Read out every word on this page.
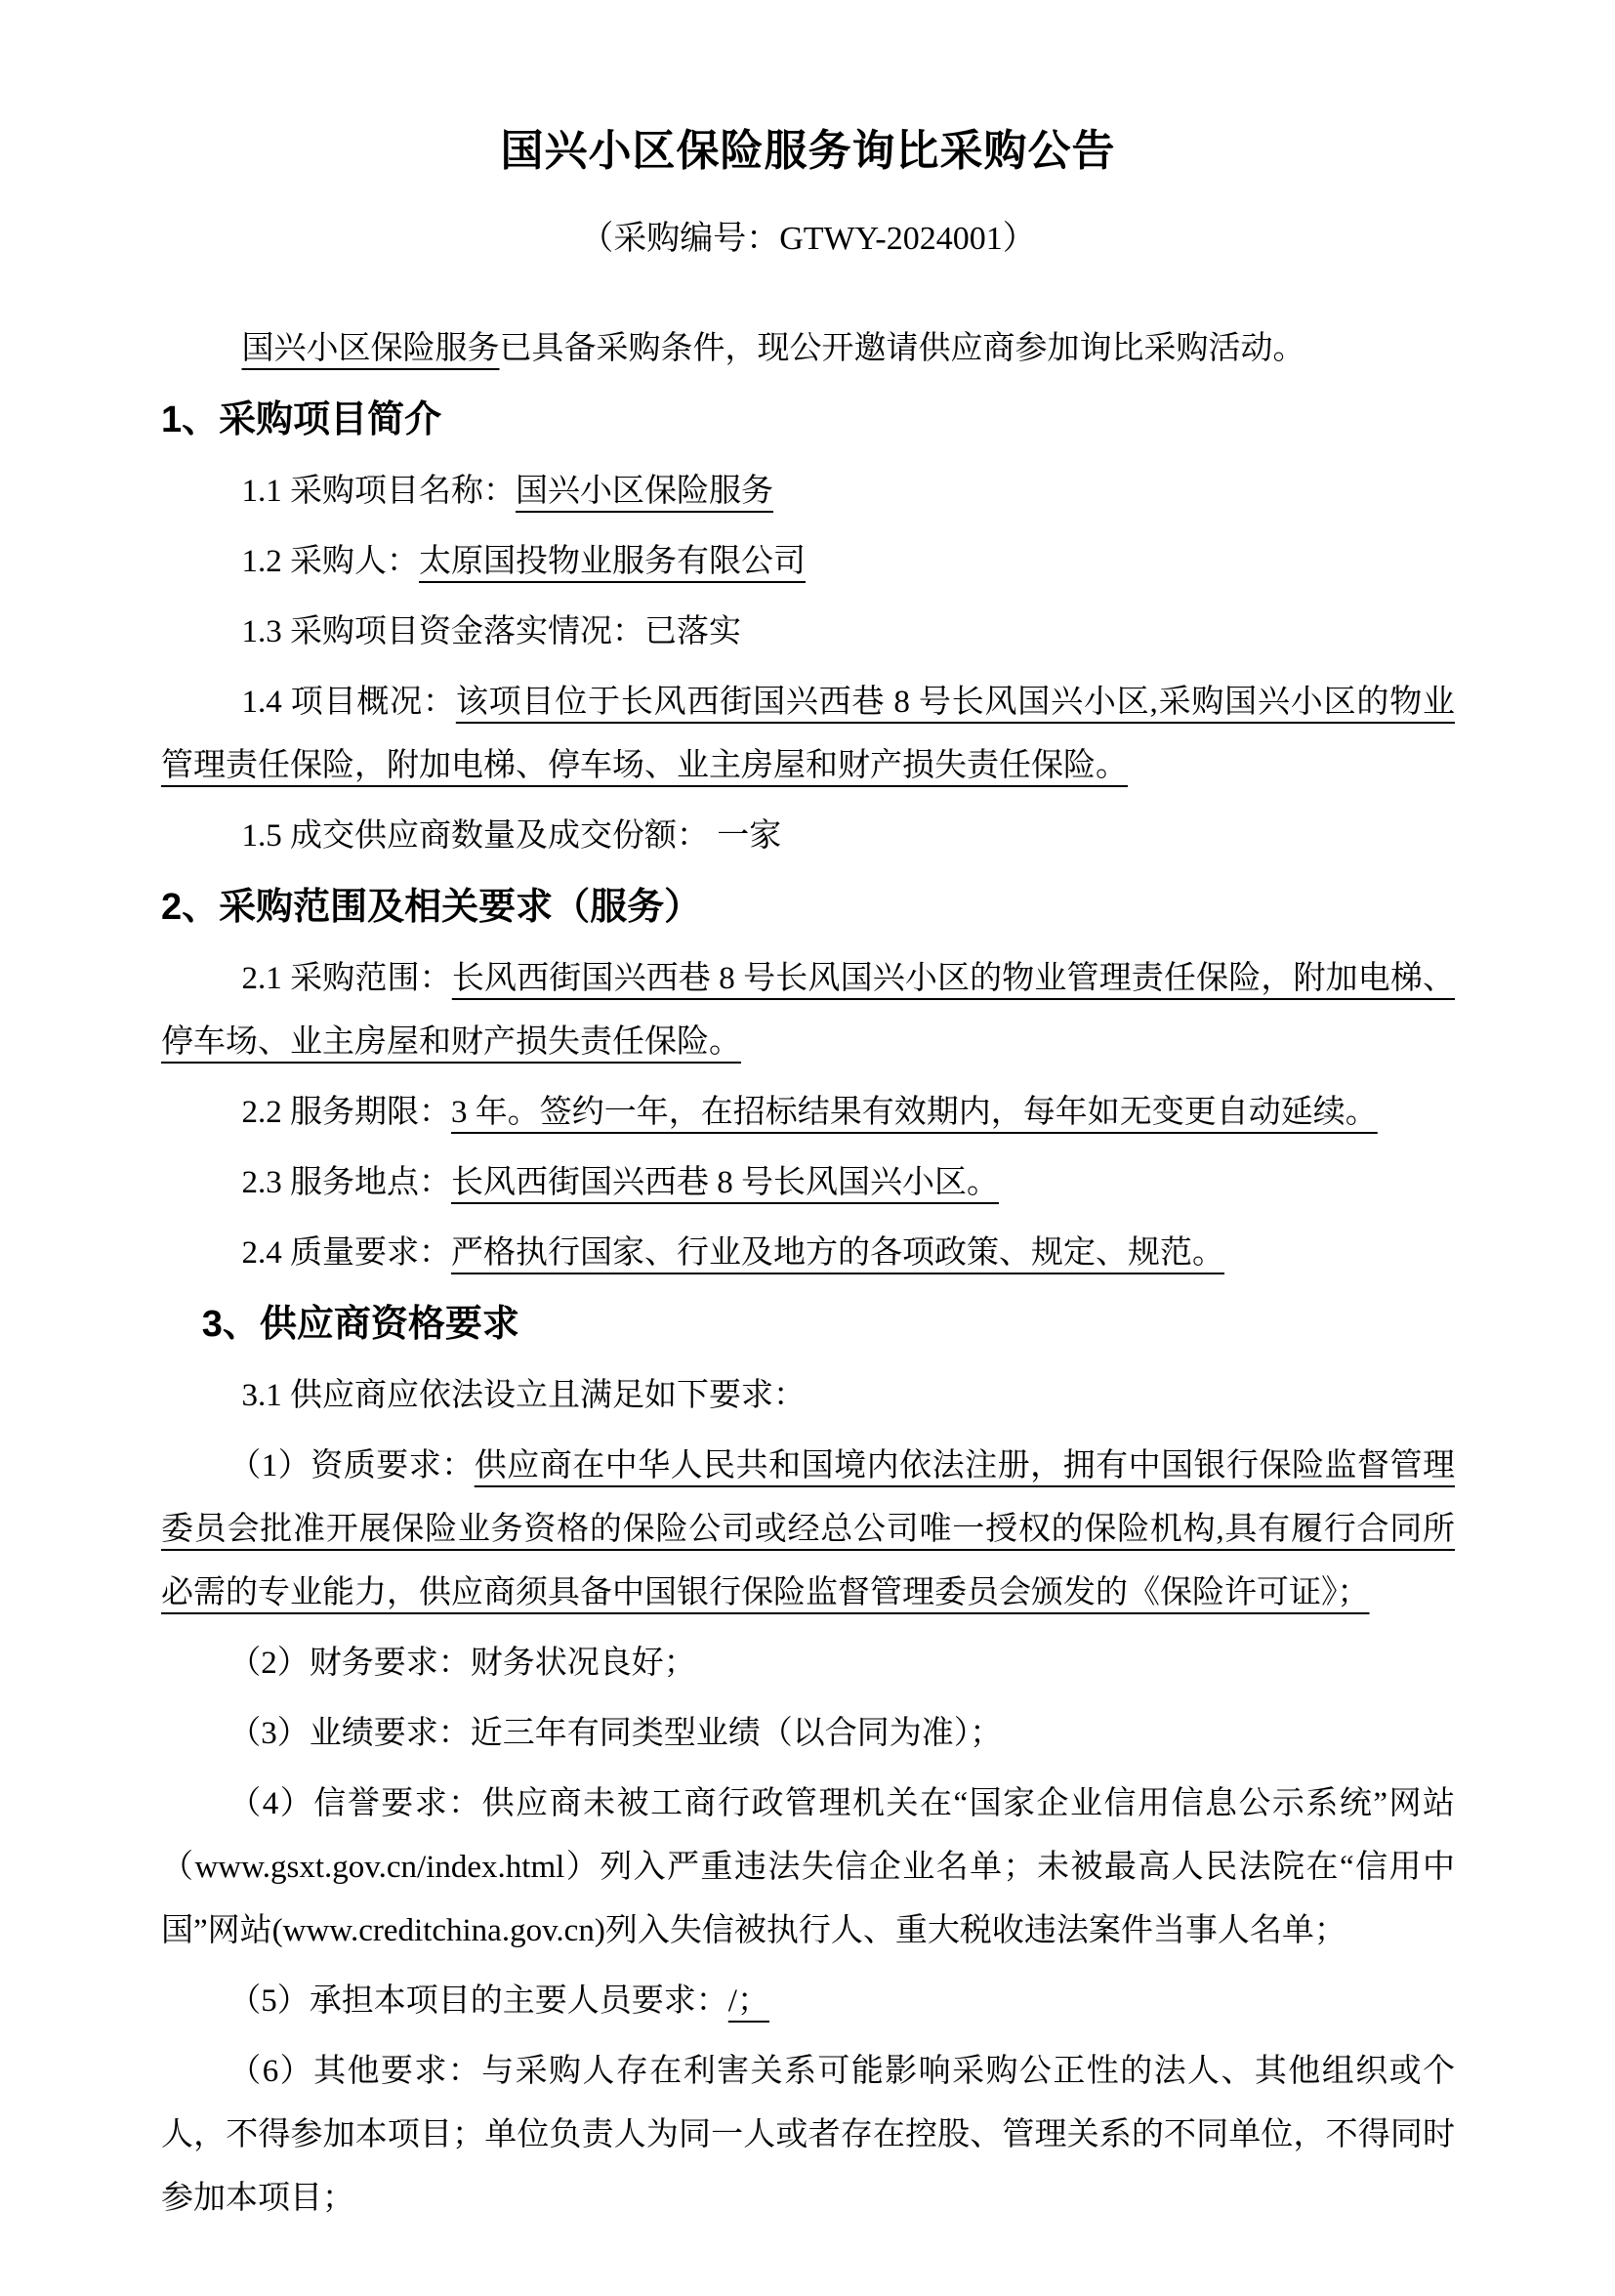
国兴小区保险服务询比采购公告
（采购编号：GTWY-2024001）

国兴小区保险服务已具备采购条件，现公开邀请供应商参加询比采购活动。

1、采购项目简介

1.1 采购项目名称：国兴小区保险服务

1.2 采购人：太原国投物业服务有限公司

1.3 采购项目资金落实情况：已落实

1.4 项目概况：该项目位于长风西街国兴西巷 8 号长风国兴小区,采购国兴小区的物业管理责任保险，附加电梯、停车场、业主房屋和财产损失责任保险。

1.5 成交供应商数量及成交份额： 一家

2、采购范围及相关要求（服务）

2.1 采购范围：长风西街国兴西巷 8 号长风国兴小区的物业管理责任保险，附加电梯、停车场、业主房屋和财产损失责任保险。

2.2 服务期限：3 年。签约一年，在招标结果有效期内，每年如无变更自动延续。

2.3 服务地点：长风西街国兴西巷 8 号长风国兴小区。

2.4 质量要求：严格执行国家、行业及地方的各项政策、规定、规范。

3、供应商资格要求

3.1 供应商应依法设立且满足如下要求：

（1）资质要求：供应商在中华人民共和国境内依法注册，拥有中国银行保险监督管理委员会批准开展保险业务资格的保险公司或经总公司唯一授权的保险机构,具有履行合同所必需的专业能力，供应商须具备中国银行保险监督管理委员会颁发的《保险许可证》；

（2）财务要求：财务状况良好；

（3）业绩要求：近三年有同类型业绩（以合同为准）；

（4）信誉要求：供应商未被工商行政管理机关在“国家企业信用信息公示系统”网站（www.gsxt.gov.cn/index.html）列入严重违法失信企业名单；未被最高人民法院在“信用中国”网站(www.creditchina.gov.cn)列入失信被执行人、重大税收违法案件当事人名单；

（5）承担本项目的主要人员要求：/；

（6）其他要求：与采购人存在利害关系可能影响采购公正性的法人、其他组织或个人，不得参加本项目；单位负责人为同一人或者存在控股、管理关系的不同单位，不得同时参加本项目；
